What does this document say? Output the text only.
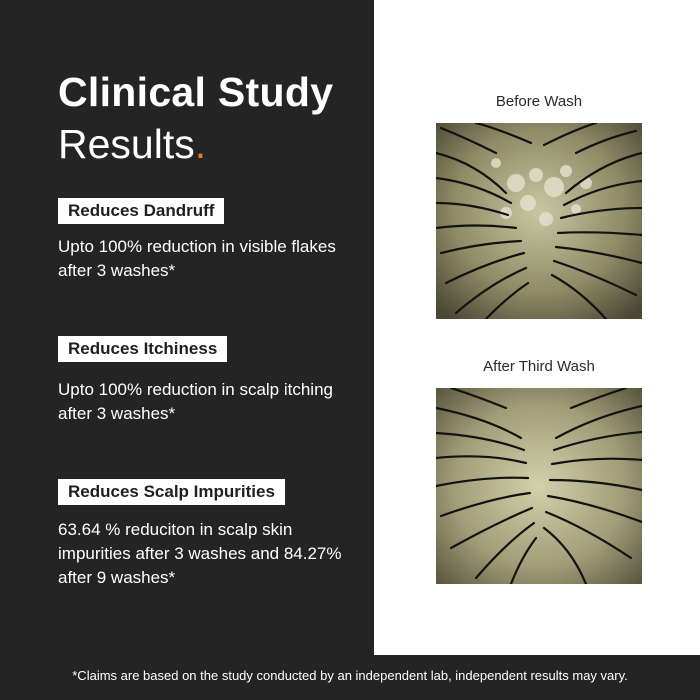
Clinical Study
Results.
Reduces Dandruff
Upto 100% reduction in visible flakes after 3 washes*
Reduces Itchiness
Upto 100% reduction in scalp itching after 3 washes*
Reduces Scalp Impurities
63.64 % reduciton in scalp skin impurities after 3 washes and 84.27% after 9 washes*
Before Wash
After Third Wash
*Claims are based on the study conducted by an independent lab, independent results may vary.
